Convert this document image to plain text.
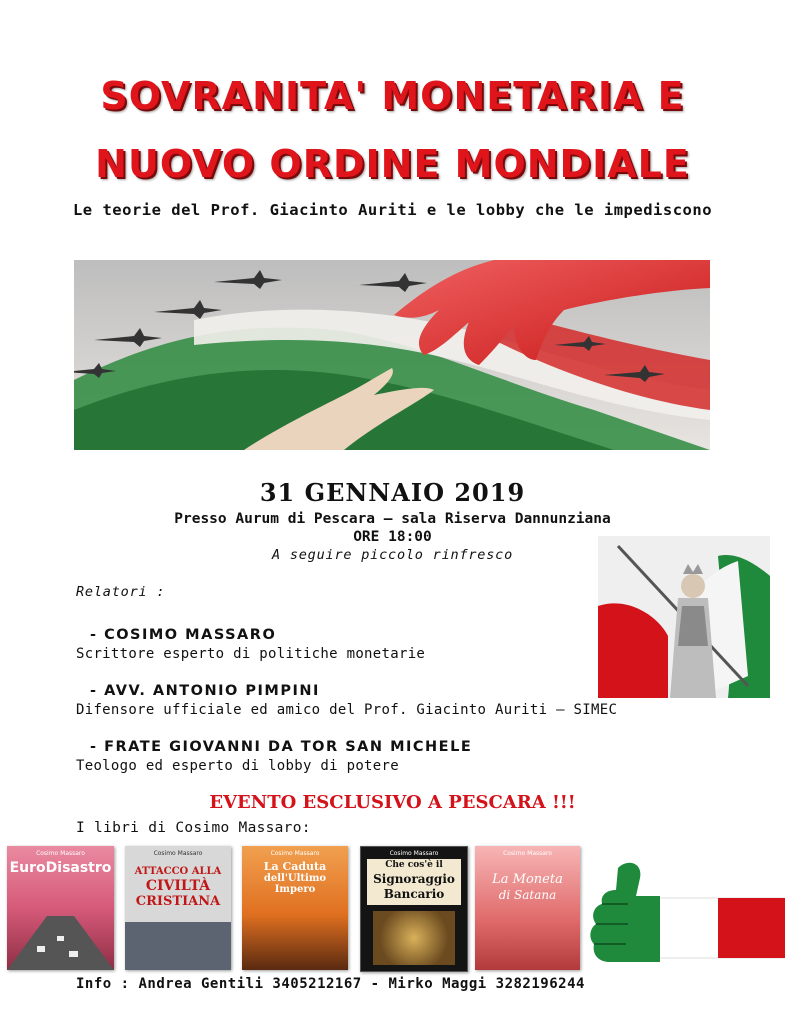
SOVRANITA' MONETARIA E
NUOVO ORDINE MONDIALE
Le teorie del Prof. Giacinto Auriti e le lobby che le impediscono
31 GENNAIO 2019
Presso Aurum di Pescara – sala Riserva Dannunziana
ORE 18:00
A seguire piccolo rinfresco
Relatori :
- COSIMO MASSARO
Scrittore esperto di politiche monetarie
- AVV. ANTONIO PIMPINI
Difensore ufficiale ed amico del Prof. Giacinto Auriti – SIMEC
- FRATE GIOVANNI DA TOR SAN MICHELE
Teologo ed esperto di lobby di potere
EVENTO ESCLUSIVO A PESCARA !!!
I libri di Cosimo Massaro:
Cosimo Massaro
EuroDisastro
Cosimo Massaro
ATTACCO ALLA
CIVILTÀ
CRISTIANA
Cosimo Massaro
La Caduta
dell'Ultimo Impero
Cosimo Massaro
Che cos'è il
Signoraggio
Bancario
Cosimo Massaro
La Moneta
di Satana
Info : Andrea Gentili 3405212167 - Mirko Maggi 3282196244
